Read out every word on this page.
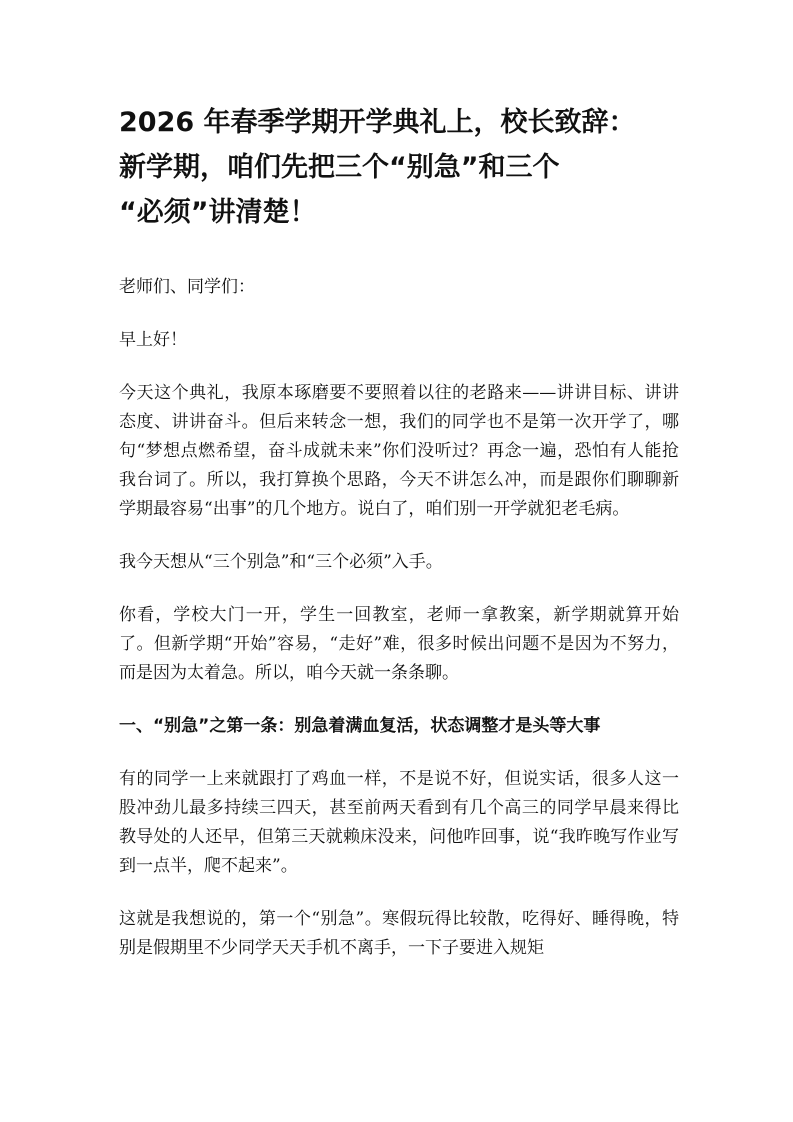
2026 年春季学期开学典礼上，校长致辞：
新学期，咱们先把三个“别急”和三个
“必须”讲清楚！

老师们、同学们：

早上好！

今天这个典礼，我原本琢磨要不要照着以往的老路来——讲讲目标、讲讲态度、讲讲奋斗。但后来转念一想，我们的同学也不是第一次开学了，哪句“梦想点燃希望，奋斗成就未来”你们没听过？再念一遍，恐怕有人能抢我台词了。所以，我打算换个思路，今天不讲怎么冲，而是跟你们聊聊新学期最容易“出事”的几个地方。说白了，咱们别一开学就犯老毛病。

我今天想从“三个别急”和“三个必须”入手。

你看，学校大门一开，学生一回教室，老师一拿教案，新学期就算开始了。但新学期“开始”容易，“走好”难，很多时候出问题不是因为不努力，而是因为太着急。所以，咱今天就一条条聊。

一、“别急”之第一条：别急着满血复活，状态调整才是头等大事

有的同学一上来就跟打了鸡血一样，不是说不好，但说实话，很多人这一股冲劲儿最多持续三四天，甚至前两天看到有几个高三的同学早晨来得比教导处的人还早，但第三天就赖床没来，问他咋回事，说“我昨晚写作业写到一点半，爬不起来”。

这就是我想说的，第一个“别急”。寒假玩得比较散，吃得好、睡得晚，特别是假期里不少同学天天手机不离手，一下子要进入规矩
